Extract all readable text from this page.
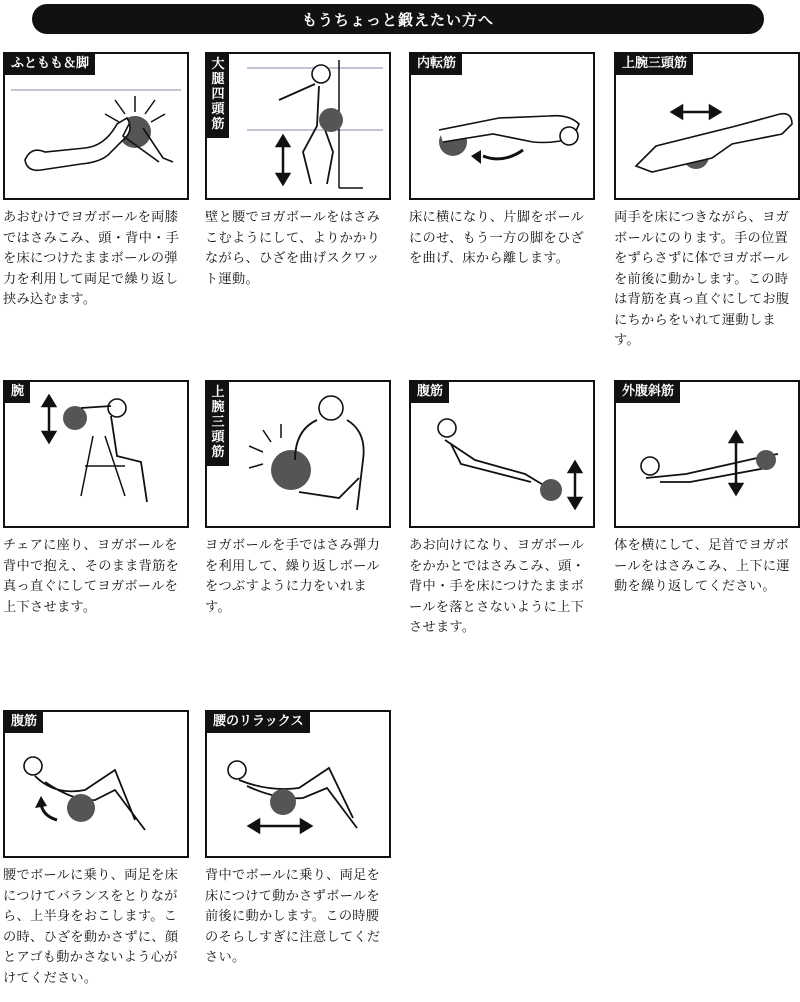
もうちょっと鍛えたい方へ
ふともも＆脚
あおむけでヨガボールを両膝ではさみこみ、頭・背中・手を床につけたままボールの弾力を利用して両足で繰り返し挟み込むます。
大腿四頭筋
壁と腰でヨガボールをはさみこむようにして、よりかかりながら、ひざを曲げスクワット運動。
内転筋
床に横になり、片脚をボールにのせ、もう一方の脚をひざを曲げ、床から離します。
上腕三頭筋
両手を床につきながら、ヨガボールにのります。手の位置をずらさずに体でヨガボールを前後に動かします。この時は背筋を真っ直ぐにしてお腹にちからをいれて運動します。
腕
チェアに座り、ヨガボールを背中で抱え、そのまま背筋を真っ直ぐにしてヨガボールを上下させます。
上腕三頭筋
ヨガボールを手ではさみ弾力を利用して、繰り返しボールをつぶすように力をいれます。
腹筋
あお向けになり、ヨガボールをかかとではさみこみ、頭・背中・手を床につけたままボールを落とさないように上下させます。
外腹斜筋
体を横にして、足首でヨガボールをはさみこみ、上下に運動を繰り返してください。
腹筋
腰でボールに乗り、両足を床につけてバランスをとりながら、上半身をおこします。この時、ひざを動かさずに、顔とアゴも動かさないよう心がけてください。
腰のリラックス
背中でボールに乗り、両足を床につけて動かさずボールを前後に動かします。この時腰のそらしすぎに注意してください。
